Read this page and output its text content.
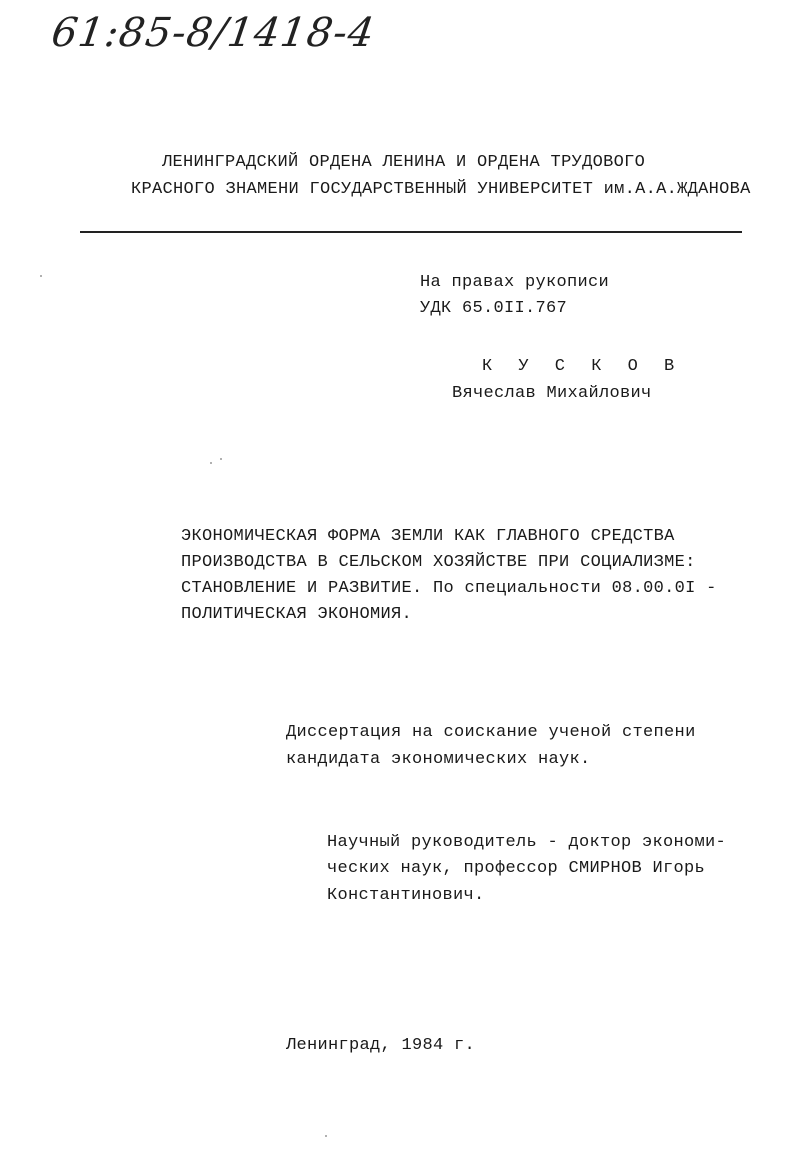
61:85-8/1418-4
ЛЕНИНГРАДСКИЙ ОРДЕНА ЛЕНИНА И ОРДЕНА ТРУДОВОГО
КРАСНОГО ЗНАМЕНИ ГОСУДАРСТВЕННЫЙ УНИВЕРСИТЕТ им.А.А.ЖДАНОВА
На правах рукописи
УДК 65.0II.767
К У С К О В
Вячеслав Михайлович
ЭКОНОМИЧЕСКАЯ ФОРМА ЗЕМЛИ КАК ГЛАВНОГО СРЕДСТВА
ПРОИЗВОДСТВА В СЕЛЬСКОМ ХОЗЯЙСТВЕ ПРИ СОЦИАЛИЗМЕ:
СТАНОВЛЕНИЕ И РАЗВИТИЕ. По специальности 08.00.0I -
ПОЛИТИЧЕСКАЯ ЭКОНОМИЯ.
Диссертация на соискание ученой степени
кандидата экономических наук.
Научный руководитель - доктор экономи-
ческих наук, профессор СМИРНОВ Игорь
Константинович.
Ленинград, 1984 г.
